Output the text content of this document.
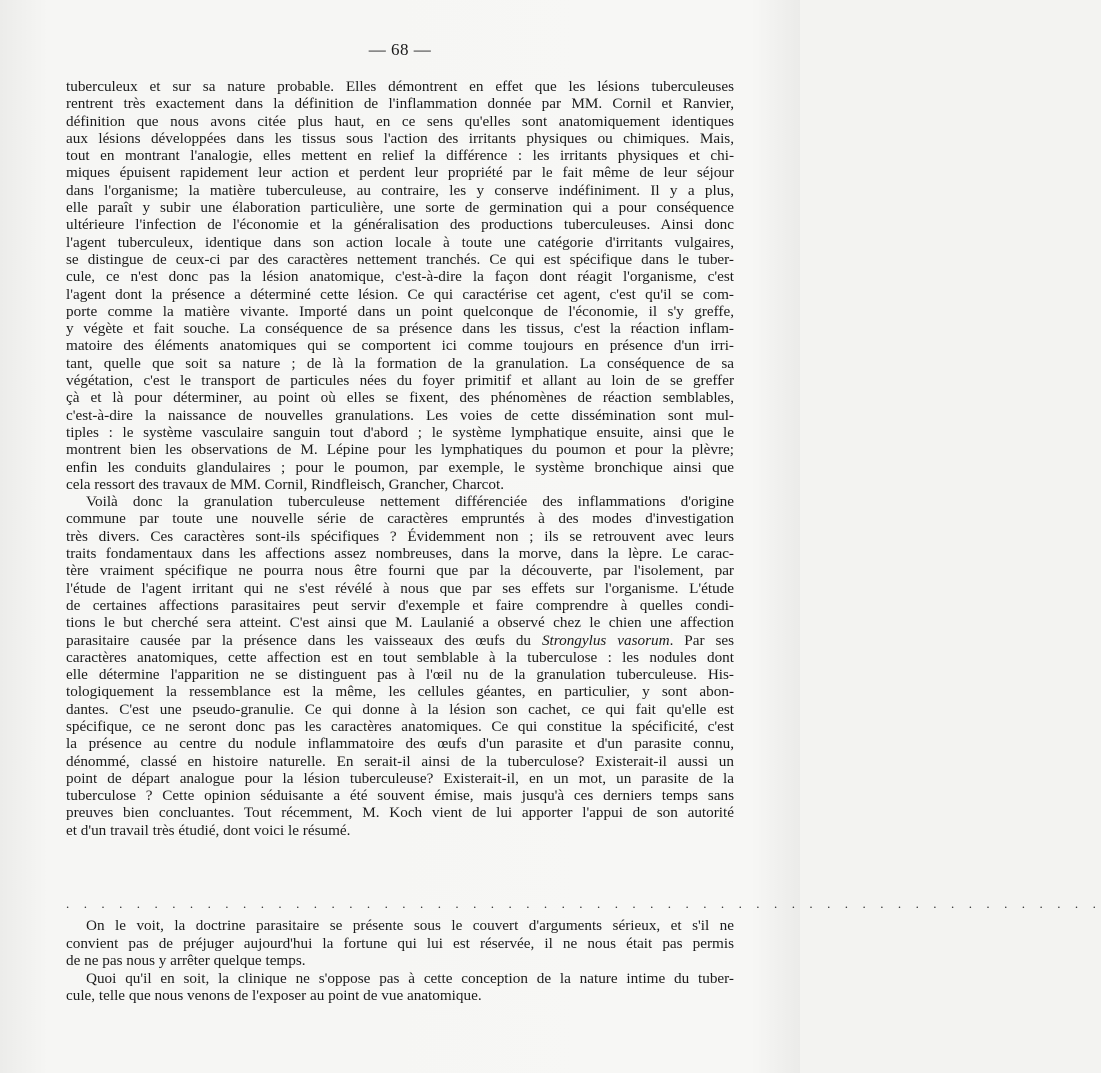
— 68 —
tuberculeux et sur sa nature probable. Elles démontrent en effet que les lésions tuberculeuses
rentrent très exactement dans la définition de l'inflammation donnée par MM. Cornil et Ranvier,
définition que nous avons citée plus haut, en ce sens qu'elles sont anatomiquement identiques
aux lésions développées dans les tissus sous l'action des irritants physiques ou chimiques. Mais,
tout en montrant l'analogie, elles mettent en relief la différence : les irritants physiques et chi-
miques épuisent rapidement leur action et perdent leur propriété par le fait même de leur séjour
dans l'organisme; la matière tuberculeuse, au contraire, les y conserve indéfiniment. Il y a plus,
elle paraît y subir une élaboration particulière, une sorte de germination qui a pour conséquence
ultérieure l'infection de l'économie et la généralisation des productions tuberculeuses. Ainsi donc
l'agent tuberculeux, identique dans son action locale à toute une catégorie d'irritants vulgaires,
se distingue de ceux-ci par des caractères nettement tranchés. Ce qui est spécifique dans le tuber-
cule, ce n'est donc pas la lésion anatomique, c'est-à-dire la façon dont réagit l'organisme, c'est
l'agent dont la présence a déterminé cette lésion. Ce qui caractérise cet agent, c'est qu'il se com-
porte comme la matière vivante. Importé dans un point quelconque de l'économie, il s'y greffe,
y végète et fait souche. La conséquence de sa présence dans les tissus, c'est la réaction inflam-
matoire des éléments anatomiques qui se comportent ici comme toujours en présence d'un irri-
tant, quelle que soit sa nature ; de là la formation de la granulation. La conséquence de sa
végétation, c'est le transport de particules nées du foyer primitif et allant au loin de se greffer
çà et là pour déterminer, au point où elles se fixent, des phénomènes de réaction semblables,
c'est-à-dire la naissance de nouvelles granulations. Les voies de cette dissémination sont mul-
tiples : le système vasculaire sanguin tout d'abord ; le système lymphatique ensuite, ainsi que le
montrent bien les observations de M. Lépine pour les lymphatiques du poumon et pour la plèvre;
enfin les conduits glandulaires ; pour le poumon, par exemple, le système bronchique ainsi que
cela ressort des travaux de MM. Cornil, Rindfleisch, Grancher, Charcot.
Voilà donc la granulation tuberculeuse nettement différenciée des inflammations d'origine
commune par toute une nouvelle série de caractères empruntés à des modes d'investigation
très divers. Ces caractères sont-ils spécifiques ? Évidemment non ; ils se retrouvent avec leurs
traits fondamentaux dans les affections assez nombreuses, dans la morve, dans la lèpre. Le carac-
tère vraiment spécifique ne pourra nous être fourni que par la découverte, par l'isolement, par
l'étude de l'agent irritant qui ne s'est révélé à nous que par ses effets sur l'organisme. L'étude
de certaines affections parasitaires peut servir d'exemple et faire comprendre à quelles condi-
tions le but cherché sera atteint. C'est ainsi que M. Laulanié a observé chez le chien une affection
parasitaire causée par la présence dans les vaisseaux des œufs du Strongylus vasorum. Par ses
caractères anatomiques, cette affection est en tout semblable à la tuberculose : les nodules dont
elle détermine l'apparition ne se distinguent pas à l'œil nu de la granulation tuberculeuse. His-
tologiquement la ressemblance est la même, les cellules géantes, en particulier, y sont abon-
dantes. C'est une pseudo-granulie. Ce qui donne à la lésion son cachet, ce qui fait qu'elle est
spécifique, ce ne seront donc pas les caractères anatomiques. Ce qui constitue la spécificité, c'est
la présence au centre du nodule inflammatoire des œufs d'un parasite et d'un parasite connu,
dénommé, classé en histoire naturelle. En serait-il ainsi de la tuberculose? Existerait-il aussi un
point de départ analogue pour la lésion tuberculeuse? Existerait-il, en un mot, un parasite de la
tuberculose ? Cette opinion séduisante a été souvent émise, mais jusqu'à ces derniers temps sans
preuves bien concluantes. Tout récemment, M. Koch vient de lui apporter l'appui de son autorité
et d'un travail très étudié, dont voici le résumé.
. . . . . . . . . . . . . . . . . . . . . . . . . . . . . . . . . . . . . . . . . . . . . . . . . . . . . . . . . . .
On le voit, la doctrine parasitaire se présente sous le couvert d'arguments sérieux, et s'il ne
convient pas de préjuger aujourd'hui la fortune qui lui est réservée, il ne nous était pas permis
de ne pas nous y arrêter quelque temps.
Quoi qu'il en soit, la clinique ne s'oppose pas à cette conception de la nature intime du tuber-
cule, telle que nous venons de l'exposer au point de vue anatomique.
